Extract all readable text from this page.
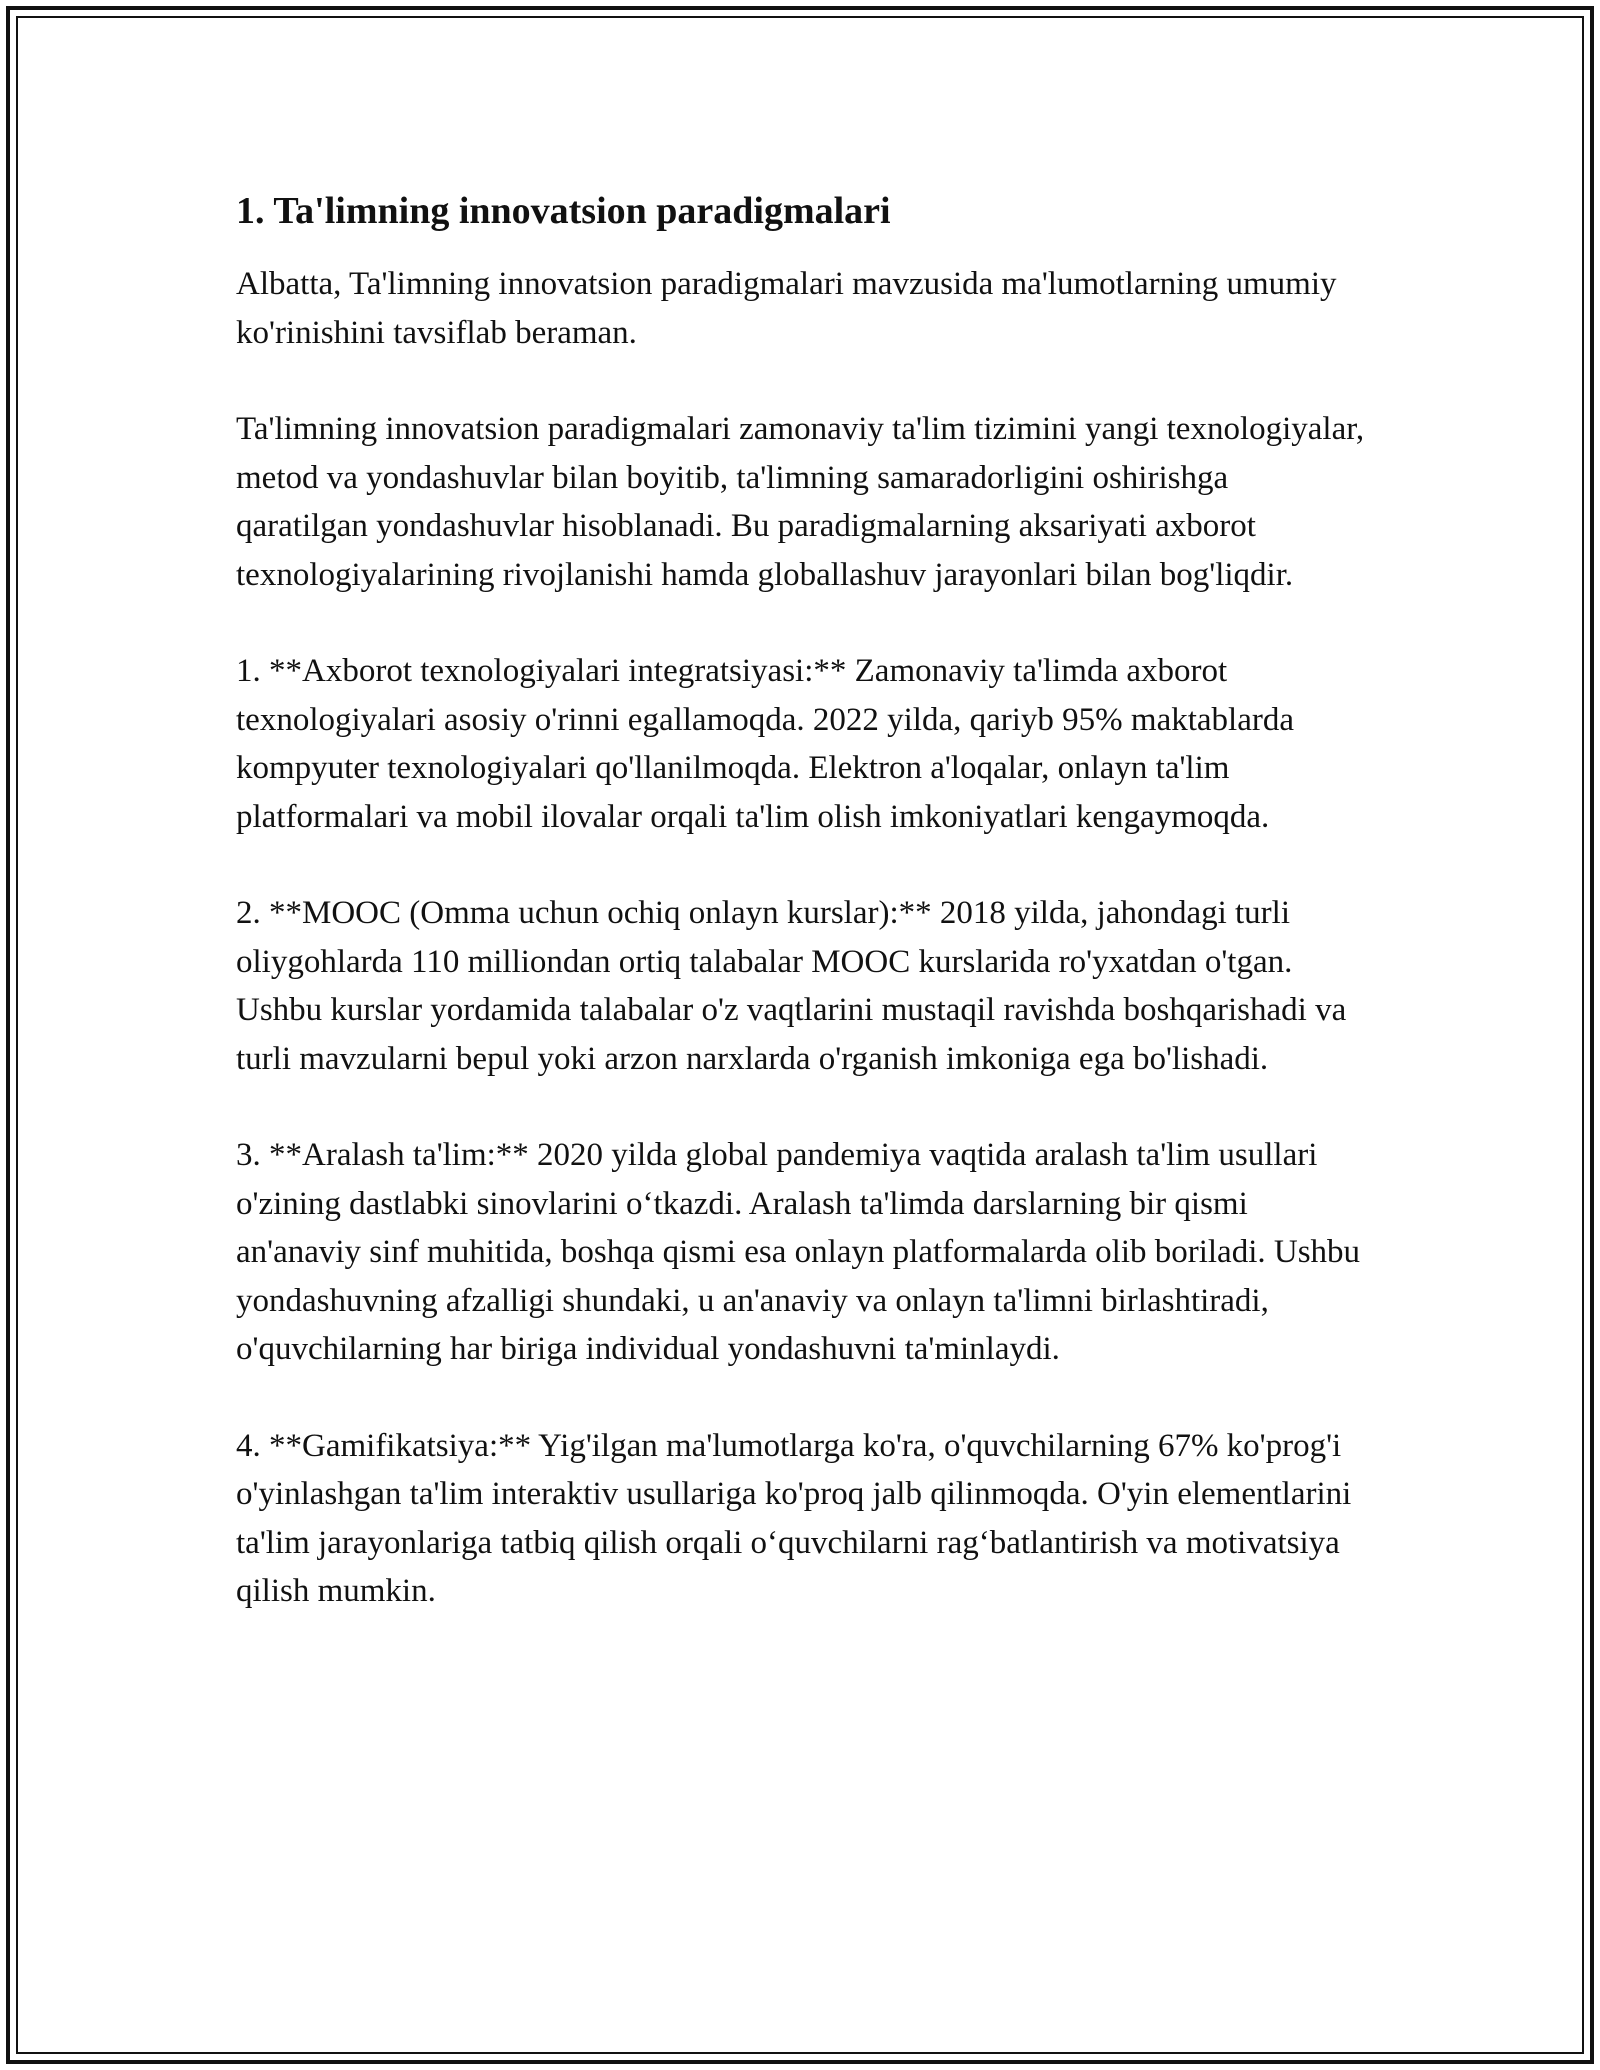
1. Ta'limning innovatsion paradigmalari

Albatta, Ta'limning innovatsion paradigmalari mavzusida ma'lumotlarning umumiy ko'rinishini tavsiflab beraman.

Ta'limning innovatsion paradigmalari zamonaviy ta'lim tizimini yangi texnologiyalar, metod va yondashuvlar bilan boyitib, ta'limning samaradorligini oshirishga qaratilgan yondashuvlar hisoblanadi. Bu paradigmalarning aksariyati axborot texnologiyalarining rivojlanishi hamda globallashuv jarayonlari bilan bog'liqdir.

1. **Axborot texnologiyalari integratsiyasi:** Zamonaviy ta'limda axborot texnologiyalari asosiy o'rinni egallamoqda. 2022 yilda, qariyb 95% maktablarda kompyuter texnologiyalari qo'llanilmoqda. Elektron a'loqalar, onlayn ta'lim platformalari va mobil ilovalar orqali ta'lim olish imkoniyatlari kengaymoqda.

2. **MOOC (Omma uchun ochiq onlayn kurslar):** 2018 yilda, jahondagi turli oliygohlarda 110 milliondan ortiq talabalar MOOC kurslarida ro'yxatdan o'tgan. Ushbu kurslar yordamida talabalar o'z vaqtlarini mustaqil ravishda boshqarishadi va turli mavzularni bepul yoki arzon narxlarda o'rganish imkoniga ega bo'lishadi.

3. **Aralash ta'lim:** 2020 yilda global pandemiya vaqtida aralash ta'lim usullari o'zining dastlabki sinovlarini o‘tkazdi. Aralash ta'limda darslarning bir qismi an'anaviy sinf muhitida, boshqa qismi esa onlayn platformalarda olib boriladi. Ushbu yondashuvning afzalligi shundaki, u an'anaviy va onlayn ta'limni birlashtiradi, o'quvchilarning har biriga individual yondashuvni ta'minlaydi.

4. **Gamifikatsiya:** Yig'ilgan ma'lumotlarga ko'ra, o'quvchilarning 67% ko'prog'i o'yinlashgan ta'lim interaktiv usullariga ko'proq jalb qilinmoqda. O'yin elementlarini ta'lim jarayonlariga tatbiq qilish orqali o‘quvchilarni rag‘batlantirish va motivatsiya qilish mumkin.
